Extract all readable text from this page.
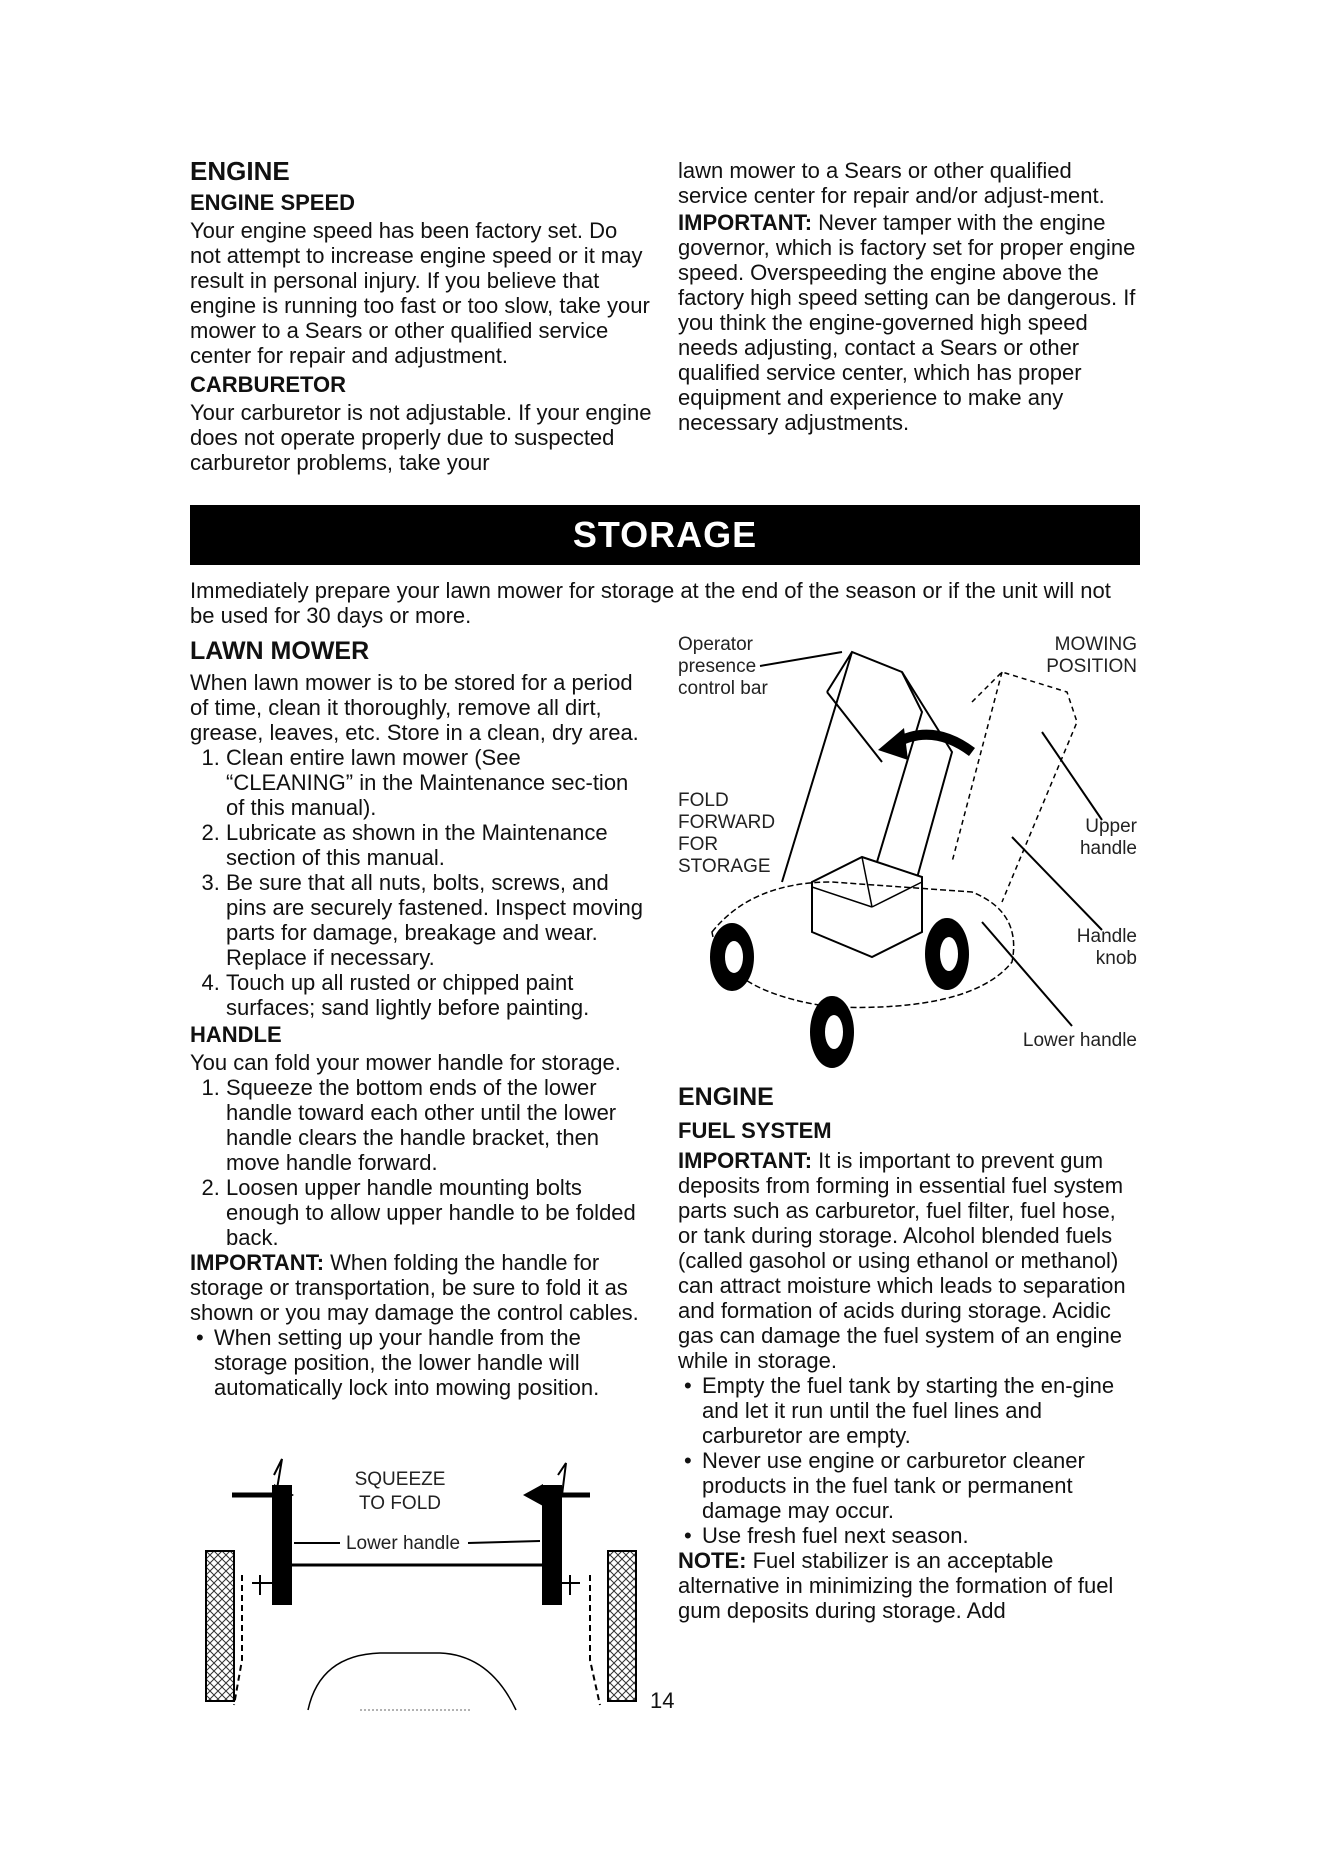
ENGINE
ENGINE SPEED

Your engine speed has been factory set. Do not attempt to increase engine speed or it may result in personal injury. If you believe that engine is running too fast or too slow, take your mower to a Sears or other qualified service center for repair and adjustment.

CARBURETOR

Your carburetor is not adjustable. If your engine does not operate properly due to suspected carburetor problems, take your

lawn mower to a Sears or other qualified service center for repair and/or adjust-ment.

IMPORTANT: Never tamper with the engine governor, which is factory set for proper engine speed. Overspeeding the engine above the factory high speed setting can be dangerous. If you think the engine-governed high speed needs adjusting, contact a Sears or other qualified service center, which has proper equipment and experience to make any necessary adjustments.

STORAGE

Immediately prepare your lawn mower for storage at the end of the season or if the unit will not be used for 30 days or more.

LAWN MOWER

When lawn mower is to be stored for a period of time, clean it thoroughly, remove all dirt, grease, leaves, etc. Store in a clean, dry area.

1. Clean entire lawn mower (See “CLEANING” in the Maintenance sec-tion of this manual).
2. Lubricate as shown in the Maintenance section of this manual.
3. Be sure that all nuts, bolts, screws, and pins are securely fastened. Inspect moving parts for damage, breakage and wear. Replace if necessary.
4. Touch up all rusted or chipped paint surfaces; sand lightly before painting.
HANDLE

You can fold your mower handle for storage.

1. Squeeze the bottom ends of the lower handle toward each other until the lower handle clears the handle bracket, then move handle forward.
2. Loosen upper handle mounting bolts enough to allow upper handle to be folded back.

IMPORTANT: When folding the handle for storage or transportation, be sure to fold it as shown or you may damage the control cables.

• When setting up your handle from the storage position, the lower handle will automatically lock into mowing position.
SQUEEZE
TO FOLD
Lower handle
Operator
presence
control bar
MOWING
POSITION
FOLD
FORWARD
FOR
STORAGE
Upper
handle
Handle
knob
Lower handle
ENGINE
FUEL SYSTEM

IMPORTANT: It is important to prevent gum deposits from forming in essential fuel system parts such as carburetor, fuel filter, fuel hose, or tank during storage. Alcohol blended fuels (called gasohol or using ethanol or methanol) can attract moisture which leads to separation and formation of acids during storage. Acidic gas can damage the fuel system of an engine while in storage.

• Empty the fuel tank by starting the en-gine and let it run until the fuel lines and carburetor are empty.
• Never use engine or carburetor cleaner products in the fuel tank or permanent damage may occur.
• Use fresh fuel next season.

NOTE: Fuel stabilizer is an acceptable alternative in minimizing the formation of fuel gum deposits during storage. Add

14
